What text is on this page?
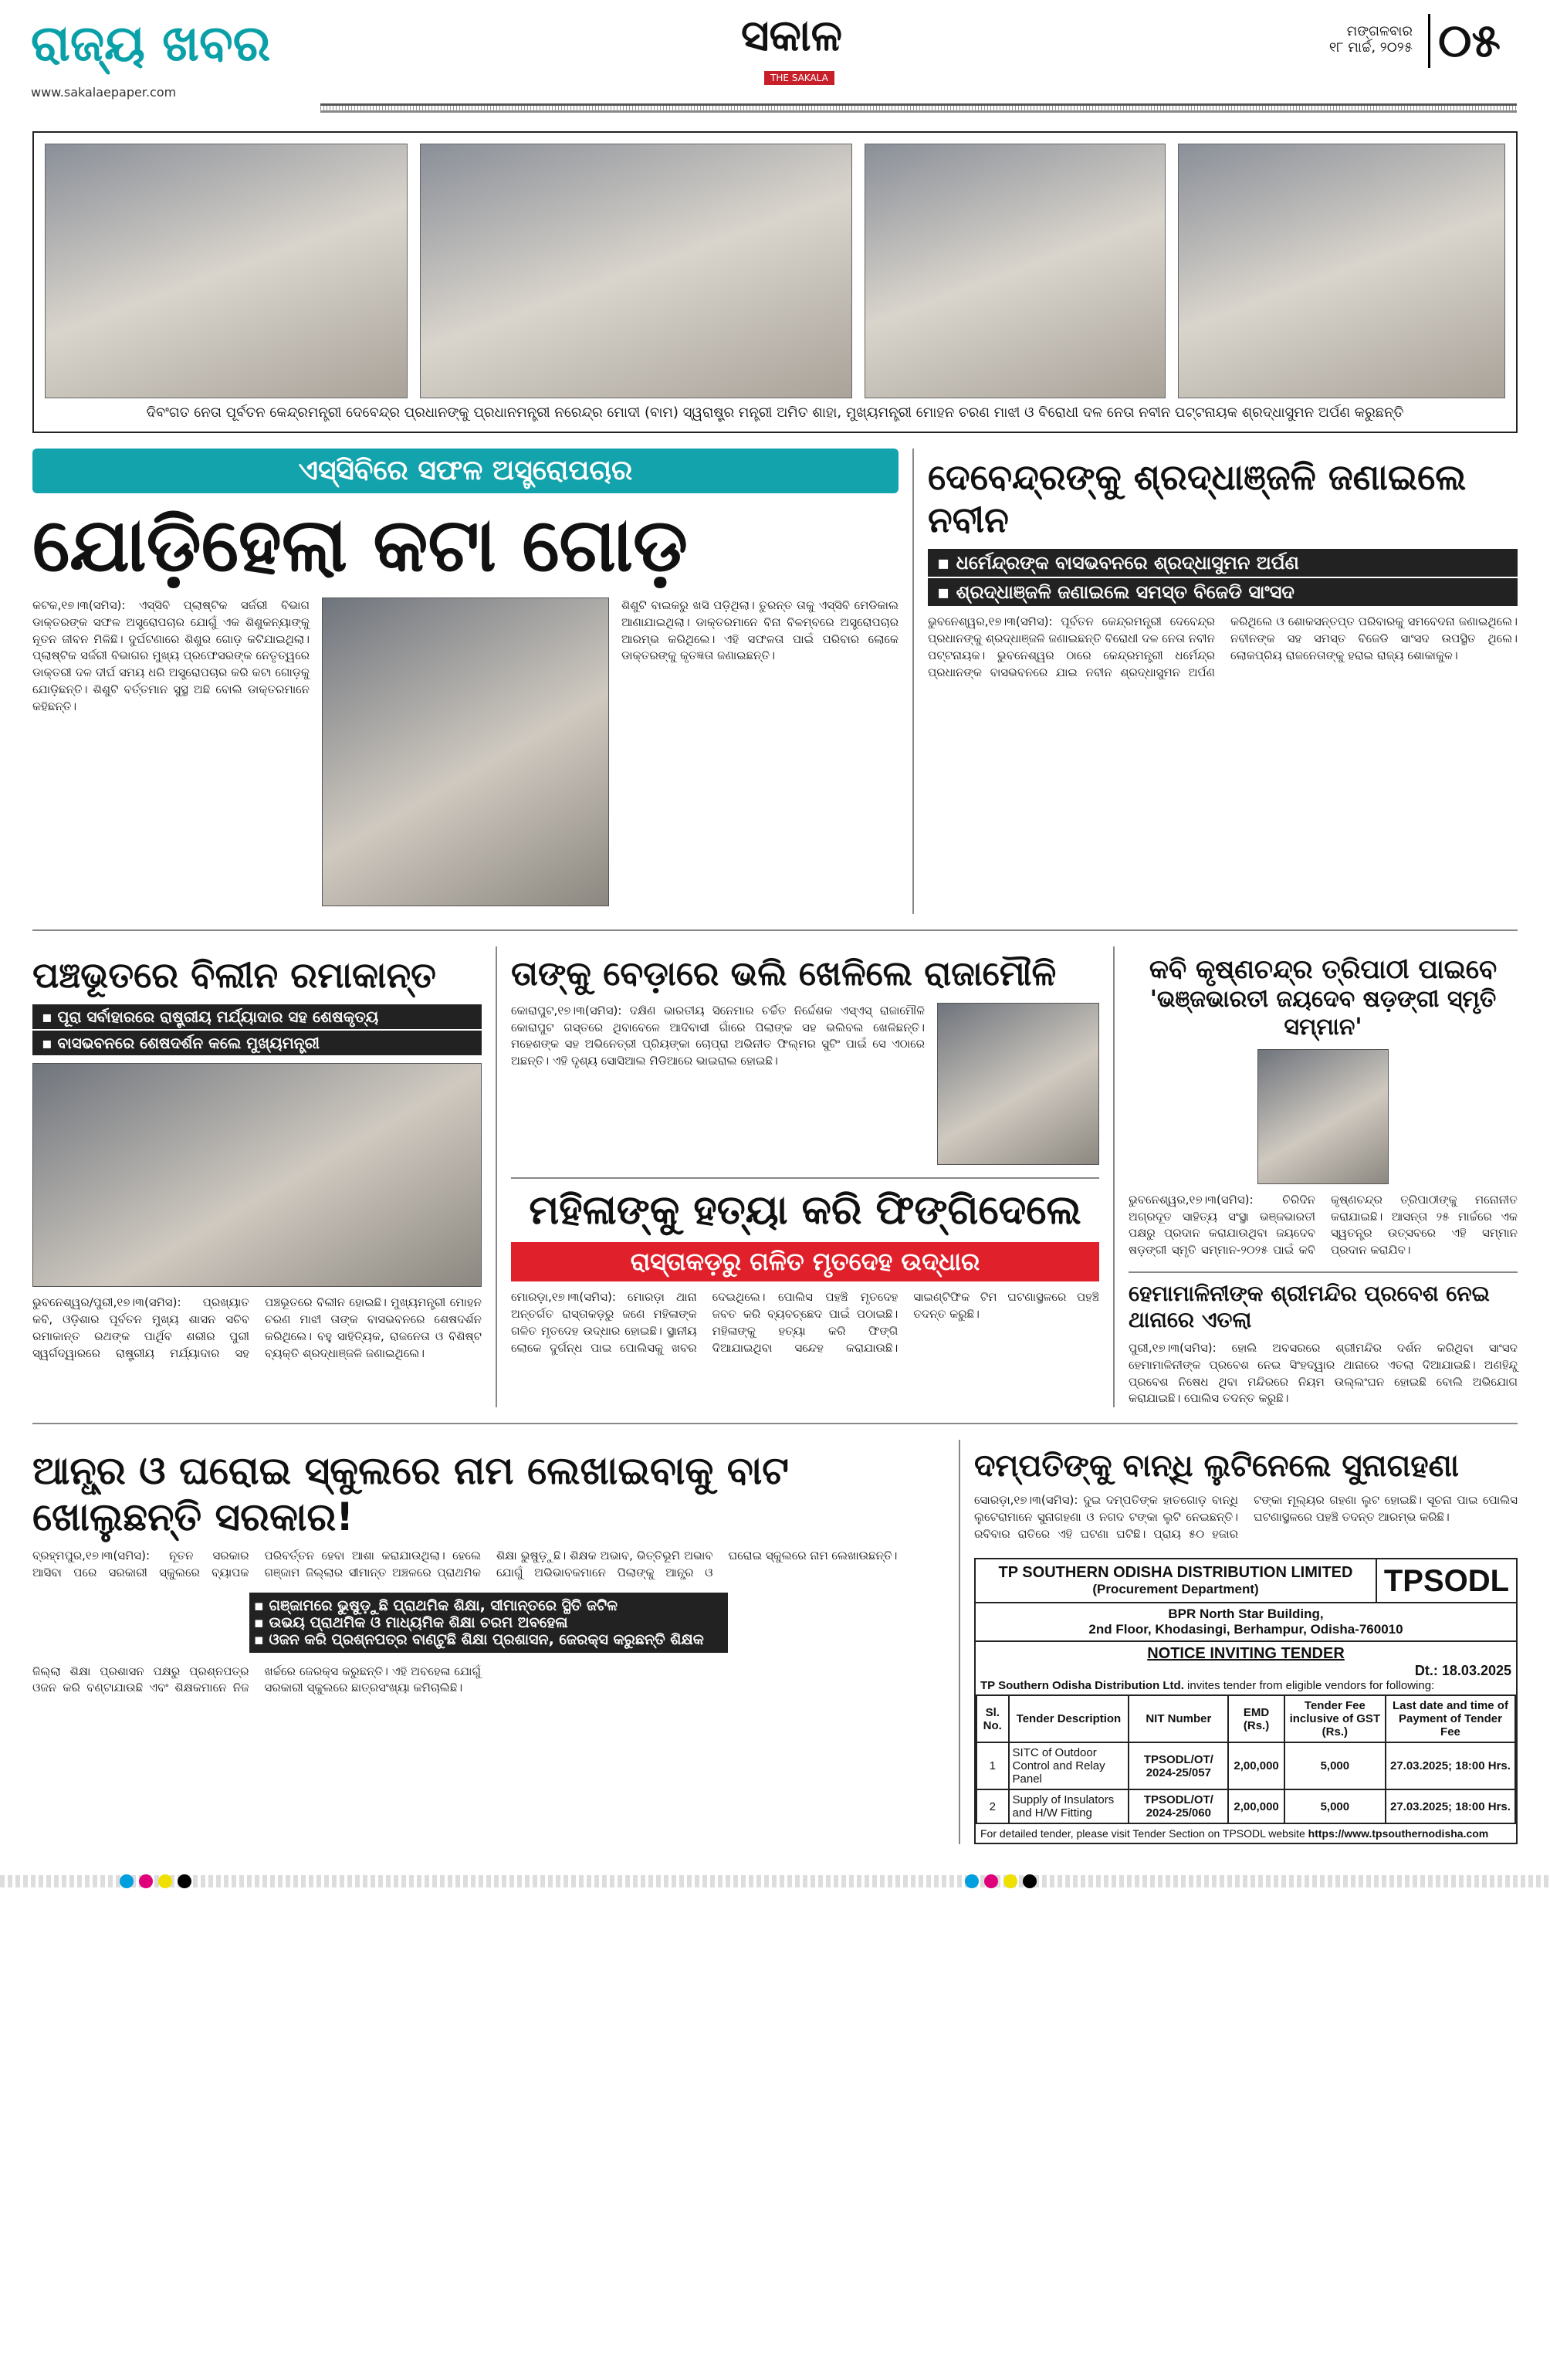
ରାଜ୍ୟ ଖବର
www.sakalaepaper.com
ସକାଳ
THE SAKALA
ମଙ୍ଗଳବାର
୧୮ ମାର୍ଚ୍ଚ, ୨୦୨୫ ୦୫
ଦିବଂଗତ ନେତା ପୂର୍ବତନ କେନ୍ଦ୍ରମନ୍ତ୍ରୀ ଦେବେନ୍ଦ୍ର ପ୍ରଧାନଙ୍କୁ ପ୍ରଧାନମନ୍ତ୍ରୀ ନରେନ୍ଦ୍ର ମୋଦୀ (ବାମ) ସ୍ୱରାଷ୍ଟ୍ର ମନ୍ତ୍ରୀ ଅମିତ ଶାହା, ମୁଖ୍ୟମନ୍ତ୍ରୀ ମୋହନ ଚରଣ ମାଝୀ ଓ ବିରୋଧୀ ଦଳ ନେତା ନବୀନ ପଟ୍ଟନାୟକ ଶ୍ରଦ୍ଧାସୁମନ ଅର୍ପଣ କରୁଛନ୍ତି
ଏସ୍‌ସିବିରେ ସଫଳ ଅସ୍ତ୍ରୋପଚାର
ଯୋଡ଼ିହେଲା କଟା ଗୋଡ଼
କଟକ,୧୭।୩(ସମିସ): ଏସ୍‌ସିବି ପ୍ଲାଷ୍ଟିକ ସର୍ଜରୀ ବିଭାଗ ଡାକ୍ତରଙ୍କ ସଫଳ ଅସ୍ତ୍ରୋପଚାର ଯୋଗୁଁ ଏକ ଶିଶୁକନ୍ୟାଙ୍କୁ ନୂତନ ଜୀବନ ମିଳିଛି। ଦୁର୍ଘଟଣାରେ ଶିଶୁର ଗୋଡ଼ କଟିଯାଇଥିଲା। ପ୍ଲାଷ୍ଟିକ ସର୍ଜରୀ ବିଭାଗର ମୁଖ୍ୟ ପ୍ରଫେସରଙ୍କ ନେତୃତ୍ୱରେ ଡାକ୍ତରୀ ଦଳ ଦୀର୍ଘ ସମୟ ଧରି ଅସ୍ତ୍ରୋପଚାର କରି କଟା ଗୋଡ଼କୁ ଯୋଡ଼ିଛନ୍ତି। ଶିଶୁଟି ବର୍ତ୍ତମାନ ସୁସ୍ଥ ଅଛି ବୋଲି ଡାକ୍ତରମାନେ କହିଛନ୍ତି।
ଶିଶୁଟି ବାଇକରୁ ଖସି ପଡ଼ିଥିଲା। ତୁରନ୍ତ ତାକୁ ଏସ୍‌ସିବି ମେଡିକାଲ ଆଣାଯାଇଥିଲା। ଡାକ୍ତରମାନେ ବିନା ବିଳମ୍ବରେ ଅସ୍ତ୍ରୋପଚାର ଆରମ୍ଭ କରିଥିଲେ। ଏହି ସଫଳତା ପାଇଁ ପରିବାର ଲୋକେ ଡାକ୍ତରଙ୍କୁ କୃତଜ୍ଞତା ଜଣାଇଛନ୍ତି।
ଦେବେନ୍ଦ୍ରଙ୍କୁ ଶ୍ରଦ୍ଧାଞ୍ଜଳି ଜଣାଇଲେ ନବୀନ
▪ ଧର୍ମେନ୍ଦ୍ରଙ୍କ ବାସଭବନରେ ଶ୍ରଦ୍ଧାସୁମନ ଅର୍ପଣ
▪ ଶ୍ରଦ୍ଧାଞ୍ଜଳି ଜଣାଇଲେ ସମସ୍ତ ବିଜେଡି ସାଂସଦ
ଭୁବନେଶ୍ୱର,୧୭।୩(ସମିସ): ପୂର୍ବତନ କେନ୍ଦ୍ରମନ୍ତ୍ରୀ ଦେବେନ୍ଦ୍ର ପ୍ରଧାନଙ୍କୁ ଶ୍ରଦ୍ଧାଞ୍ଜଳି ଜଣାଇଛନ୍ତି ବିରୋଧୀ ଦଳ ନେତା ନବୀନ ପଟ୍ଟନାୟକ। ଭୁବନେଶ୍ୱର ଠାରେ କେନ୍ଦ୍ରମନ୍ତ୍ରୀ ଧର୍ମେନ୍ଦ୍ର ପ୍ରଧାନଙ୍କ ବାସଭବନରେ ଯାଇ ନବୀନ ଶ୍ରଦ୍ଧାସୁମନ ଅର୍ପଣ କରିଥିଲେ ଓ ଶୋକସନ୍ତପ୍ତ ପରିବାରକୁ ସମବେଦନା ଜଣାଇଥିଲେ। ନବୀନଙ୍କ ସହ ସମସ୍ତ ବିଜେଡି ସାଂସଦ ଉପସ୍ଥିତ ଥିଲେ। ଲୋକପ୍ରିୟ ରାଜନେତାଙ୍କୁ ହରାଇ ରାଜ୍ୟ ଶୋକାକୁଳ।
ପଞ୍ଚଭୂତରେ ବିଲୀନ ରମାକାନ୍ତ
▪ ପୂରା ସର୍ବାହାରରେ ରାଷ୍ଟ୍ରୀୟ ମର୍ଯ୍ୟାଦାର ସହ ଶେଷକୃତ୍ୟ
▪ ବାସଭବନରେ ଶେଷଦର୍ଶନ କଲେ ମୁଖ୍ୟମନ୍ତ୍ରୀ
ଭୁବନେଶ୍ୱର/ପୁରୀ,୧୭।୩(ସମିସ): ପ୍ରଖ୍ୟାତ କବି, ଓଡ଼ିଶାର ପୂର୍ବତନ ମୁଖ୍ୟ ଶାସନ ସଚିବ ରମାକାନ୍ତ ରଥଙ୍କ ପାର୍ଥିବ ଶରୀର ପୁରୀ ସ୍ୱର୍ଗଦ୍ୱାରରେ ରାଷ୍ଟ୍ରୀୟ ମର୍ଯ୍ୟାଦାର ସହ ପଞ୍ଚଭୂତରେ ବିଲୀନ ହୋଇଛି। ମୁଖ୍ୟମନ୍ତ୍ରୀ ମୋହନ ଚରଣ ମାଝୀ ତାଙ୍କ ବାସଭବନରେ ଶେଷଦର୍ଶନ କରିଥିଲେ। ବହୁ ସାହିତ୍ୟିକ, ରାଜନେତା ଓ ବିଶିଷ୍ଟ ବ୍ୟକ୍ତି ଶ୍ରଦ୍ଧାଞ୍ଜଳି ଜଣାଇଥିଲେ।
ତାଙ୍କୁ ବେଡ଼ାରେ ଭଲି ଖେଳିଲେ ରାଜାମୌଳି
କୋରାପୁଟ,୧୭।୩(ସମିସ): ଦକ୍ଷିଣ ଭାରତୀୟ ସିନେମାର ଚର୍ଚ୍ଚିତ ନିର୍ଦ୍ଦେଶକ ଏସ୍‌ଏସ୍ ରାଜାମୌଳି କୋରାପୁଟ ଗସ୍ତରେ ଥିବାବେଳେ ଆଦିବାସୀ ଗାଁରେ ପିଲାଙ୍କ ସହ ଭଲିବଲ ଖେଳିଛନ୍ତି। ମହେଶଙ୍କ ସହ ଅଭିନେତ୍ରୀ ପ୍ରିୟଙ୍କା ଚୋପ୍ରା ଅଭିନୀତ ଫିଲ୍ମର ସୁଟିଂ ପାଇଁ ସେ ଏଠାରେ ଅଛନ୍ତି। ଏହି ଦୃଶ୍ୟ ସୋସିଆଲ ମିଡିଆରେ ଭାଇରାଲ ହୋଇଛି।
ମହିଳାଙ୍କୁ ହତ୍ୟା କରି ଫିଙ୍ଗିଦେଲେ
ରାସ୍ତାକଡ଼ରୁ ଗଳିତ ମୃତଦେହ ଉଦ୍ଧାର
ମୋରଡ଼ା,୧୭।୩(ସମିସ): ମୋରଡ଼ା ଥାନା ଅନ୍ତର୍ଗତ ରାସ୍ତାକଡ଼ରୁ ଜଣେ ମହିଳାଙ୍କ ଗଳିତ ମୃତଦେହ ଉଦ୍ଧାର ହୋଇଛି। ସ୍ଥାନୀୟ ଲୋକେ ଦୁର୍ଗନ୍ଧ ପାଇ ପୋଲିସକୁ ଖବର ଦେଇଥିଲେ। ପୋଲିସ ପହଞ୍ଚି ମୃତଦେହ ଜବତ କରି ବ୍ୟବଚ୍ଛେଦ ପାଇଁ ପଠାଇଛି। ମହିଳାଙ୍କୁ ହତ୍ୟା କରି ଫିଙ୍ଗି ଦିଆଯାଇଥିବା ସନ୍ଦେହ କରାଯାଉଛି। ସାଇଣ୍ଟିଫିକ ଟିମ ଘଟଣାସ୍ଥଳରେ ପହଞ୍ଚି ତଦନ୍ତ କରୁଛି।
କବି କୃଷ୍ଣଚନ୍ଦ୍ର ତ୍ରିପାଠୀ ପାଇବେ
'ଭଞ୍ଜଭାରତୀ ଜୟଦେବ ଷଡ଼ଙ୍ଗୀ ସ୍ମୃତି ସମ୍ମାନ'
ଭୁବନେଶ୍ୱର,୧୭।୩(ସମିସ): ଚିରିଦିନ ଅଗ୍ରଦୂତ ସାହିତ୍ୟ ସଂସ୍ଥା ଭଞ୍ଜଭାରତୀ ପକ୍ଷରୁ ପ୍ରଦାନ କରାଯାଉଥିବା ଜୟଦେବ ଷଡ଼ଙ୍ଗୀ ସ୍ମୃତି ସମ୍ମାନ-୨୦୨୫ ପାଇଁ କବି କୃଷ୍ଣଚନ୍ଦ୍ର ତ୍ରିପାଠୀଙ୍କୁ ମନୋନୀତ କରାଯାଇଛି। ଆସନ୍ତା ୨୫ ମାର୍ଚ୍ଚରେ ଏକ ସ୍ୱତନ୍ତ୍ର ଉତ୍ସବରେ ଏହି ସମ୍ମାନ ପ୍ରଦାନ କରାଯିବ।
ହେମାମାଳିନୀଙ୍କ ଶ୍ରୀମନ୍ଦିର ପ୍ରବେଶ ନେଇ ଥାନାରେ ଏତଲା
ପୁରୀ,୧୭।୩(ସମିସ): ହୋଲି ଅବସରରେ ଶ୍ରୀମନ୍ଦିର ଦର୍ଶନ କରିଥିବା ସାଂସଦ ହେମାମାଳିନୀଙ୍କ ପ୍ରବେଶ ନେଇ ସିଂହଦ୍ୱାର ଥାନାରେ ଏତଲା ଦିଆଯାଇଛି। ଅଣହିନ୍ଦୁ ପ୍ରବେଶ ନିଷେଧ ଥିବା ମନ୍ଦିରରେ ନିୟମ ଉଲ୍ଲଂଘନ ହୋଇଛି ବୋଲି ଅଭିଯୋଗ କରାଯାଇଛି। ପୋଲିସ ତଦନ୍ତ କରୁଛି।
ଆନ୍ଧ୍ର ଓ ଘରୋଇ ସ୍କୁଲରେ ନାମ ଲେଖାଇବାକୁ ବାଟ ଖୋଲୁଛନ୍ତି ସରକାର!
ବ୍ରହ୍ମପୁର,୧୭।୩(ସମିସ): ନୂତନ ସରକାର ଆସିବା ପରେ ସରକାରୀ ସ୍କୁଲରେ ବ୍ୟାପକ ପରିବର୍ତ୍ତନ ହେବା ଆଶା କରାଯାଉଥିଲା। ହେଲେ ଗଞ୍ଜାମ ଜିଲ୍ଲାର ସୀମାନ୍ତ ଅଞ୍ଚଳରେ ପ୍ରାଥମିକ ଶିକ୍ଷା ଭୁଷୁଡ଼ୁଛି। ଶିକ୍ଷକ ଅଭାବ, ଭିତ୍ତିଭୂମି ଅଭାବ ଯୋଗୁଁ ଅଭିଭାବକମାନେ ପିଲାଙ୍କୁ ଆନ୍ଧ୍ର ଓ ଘରୋଇ ସ୍କୁଲରେ ନାମ ଲେଖାଉଛନ୍ତି।
▪ ଗଞ୍ଜାମରେ ଭୁଷୁଡ଼ୁଛି ପ୍ରାଥମିକ ଶିକ୍ଷା, ସୀମାନ୍ତରେ ସ୍ଥିତି ଜଟିଳ
▪ ଉଭୟ ପ୍ରାଥମିକ ଓ ମାଧ୍ୟମିକ ଶିକ୍ଷା ଚରମ ଅବହେଳା
▪ ଓଜନ କରି ପ୍ରଶ୍ନପତ୍ର ବାଣ୍ଟୁଛି ଶିକ୍ଷା ପ୍ରଶାସନ, ଜେରକ୍ସ କରୁଛନ୍ତି ଶିକ୍ଷକ
ଜିଲ୍ଲା ଶିକ୍ଷା ପ୍ରଶାସନ ପକ୍ଷରୁ ପ୍ରଶ୍ନପତ୍ର ଓଜନ କରି ବଣ୍ଟାଯାଉଛି ଏବଂ ଶିକ୍ଷକମାନେ ନିଜ ଖର୍ଚ୍ଚରେ ଜେରକ୍ସ କରୁଛନ୍ତି। ଏହି ଅବହେଳା ଯୋଗୁଁ ସରକାରୀ ସ୍କୁଲରେ ଛାତ୍ରସଂଖ୍ୟା କମିଚାଲିଛି।
ଦମ୍ପତିଙ୍କୁ ବାନ୍ଧି ଲୁଟିନେଲେ ସୁନାଗହଣା
ସୋରଡ଼ା,୧୭।୩(ସମିସ): ଦୁଇ ଦମ୍ପତିଙ୍କ ହାତଗୋଡ଼ ବାନ୍ଧି ଲୁଟେରାମାନେ ସୁନାଗହଣା ଓ ନଗଦ ଟଙ୍କା ଲୁଟି ନେଇଛନ୍ତି। ରବିବାର ରାତିରେ ଏହି ଘଟଣା ଘଟିଛି। ପ୍ରାୟ ୫୦ ହଜାର ଟଙ୍କା ମୂଲ୍ୟର ଗହଣା ଲୁଟ ହୋଇଛି। ସୂଚନା ପାଇ ପୋଲିସ ଘଟଣାସ୍ଥଳରେ ପହଞ୍ଚି ତଦନ୍ତ ଆରମ୍ଭ କରିଛି।
TP SOUTHERN ODISHA DISTRIBUTION LIMITED
(Procurement Department)	TPSODL
BPR North Star Building,
2nd Floor, Khodasingi, Berhampur, Odisha-760010
NOTICE INVITING TENDER
Dt.: 18.03.2025
TP Southern Odisha Distribution Ltd. invites tender from eligible vendors for following:
Sl. No.	Tender Description	NIT Number	EMD (Rs.)	Tender Fee inclusive of GST (Rs.)	Last date and time of Payment of Tender Fee
1	SITC of Outdoor Control and Relay Panel	TPSODL/OT/ 2024-25/057	2,00,000	5,000	27.03.2025; 18:00 Hrs.
2	Supply of Insulators and H/W Fitting	TPSODL/OT/ 2024-25/060	2,00,000	5,000	27.03.2025; 18:00 Hrs.
For detailed tender, please visit Tender Section on TPSODL website https://www.tpsouthernodisha.com
